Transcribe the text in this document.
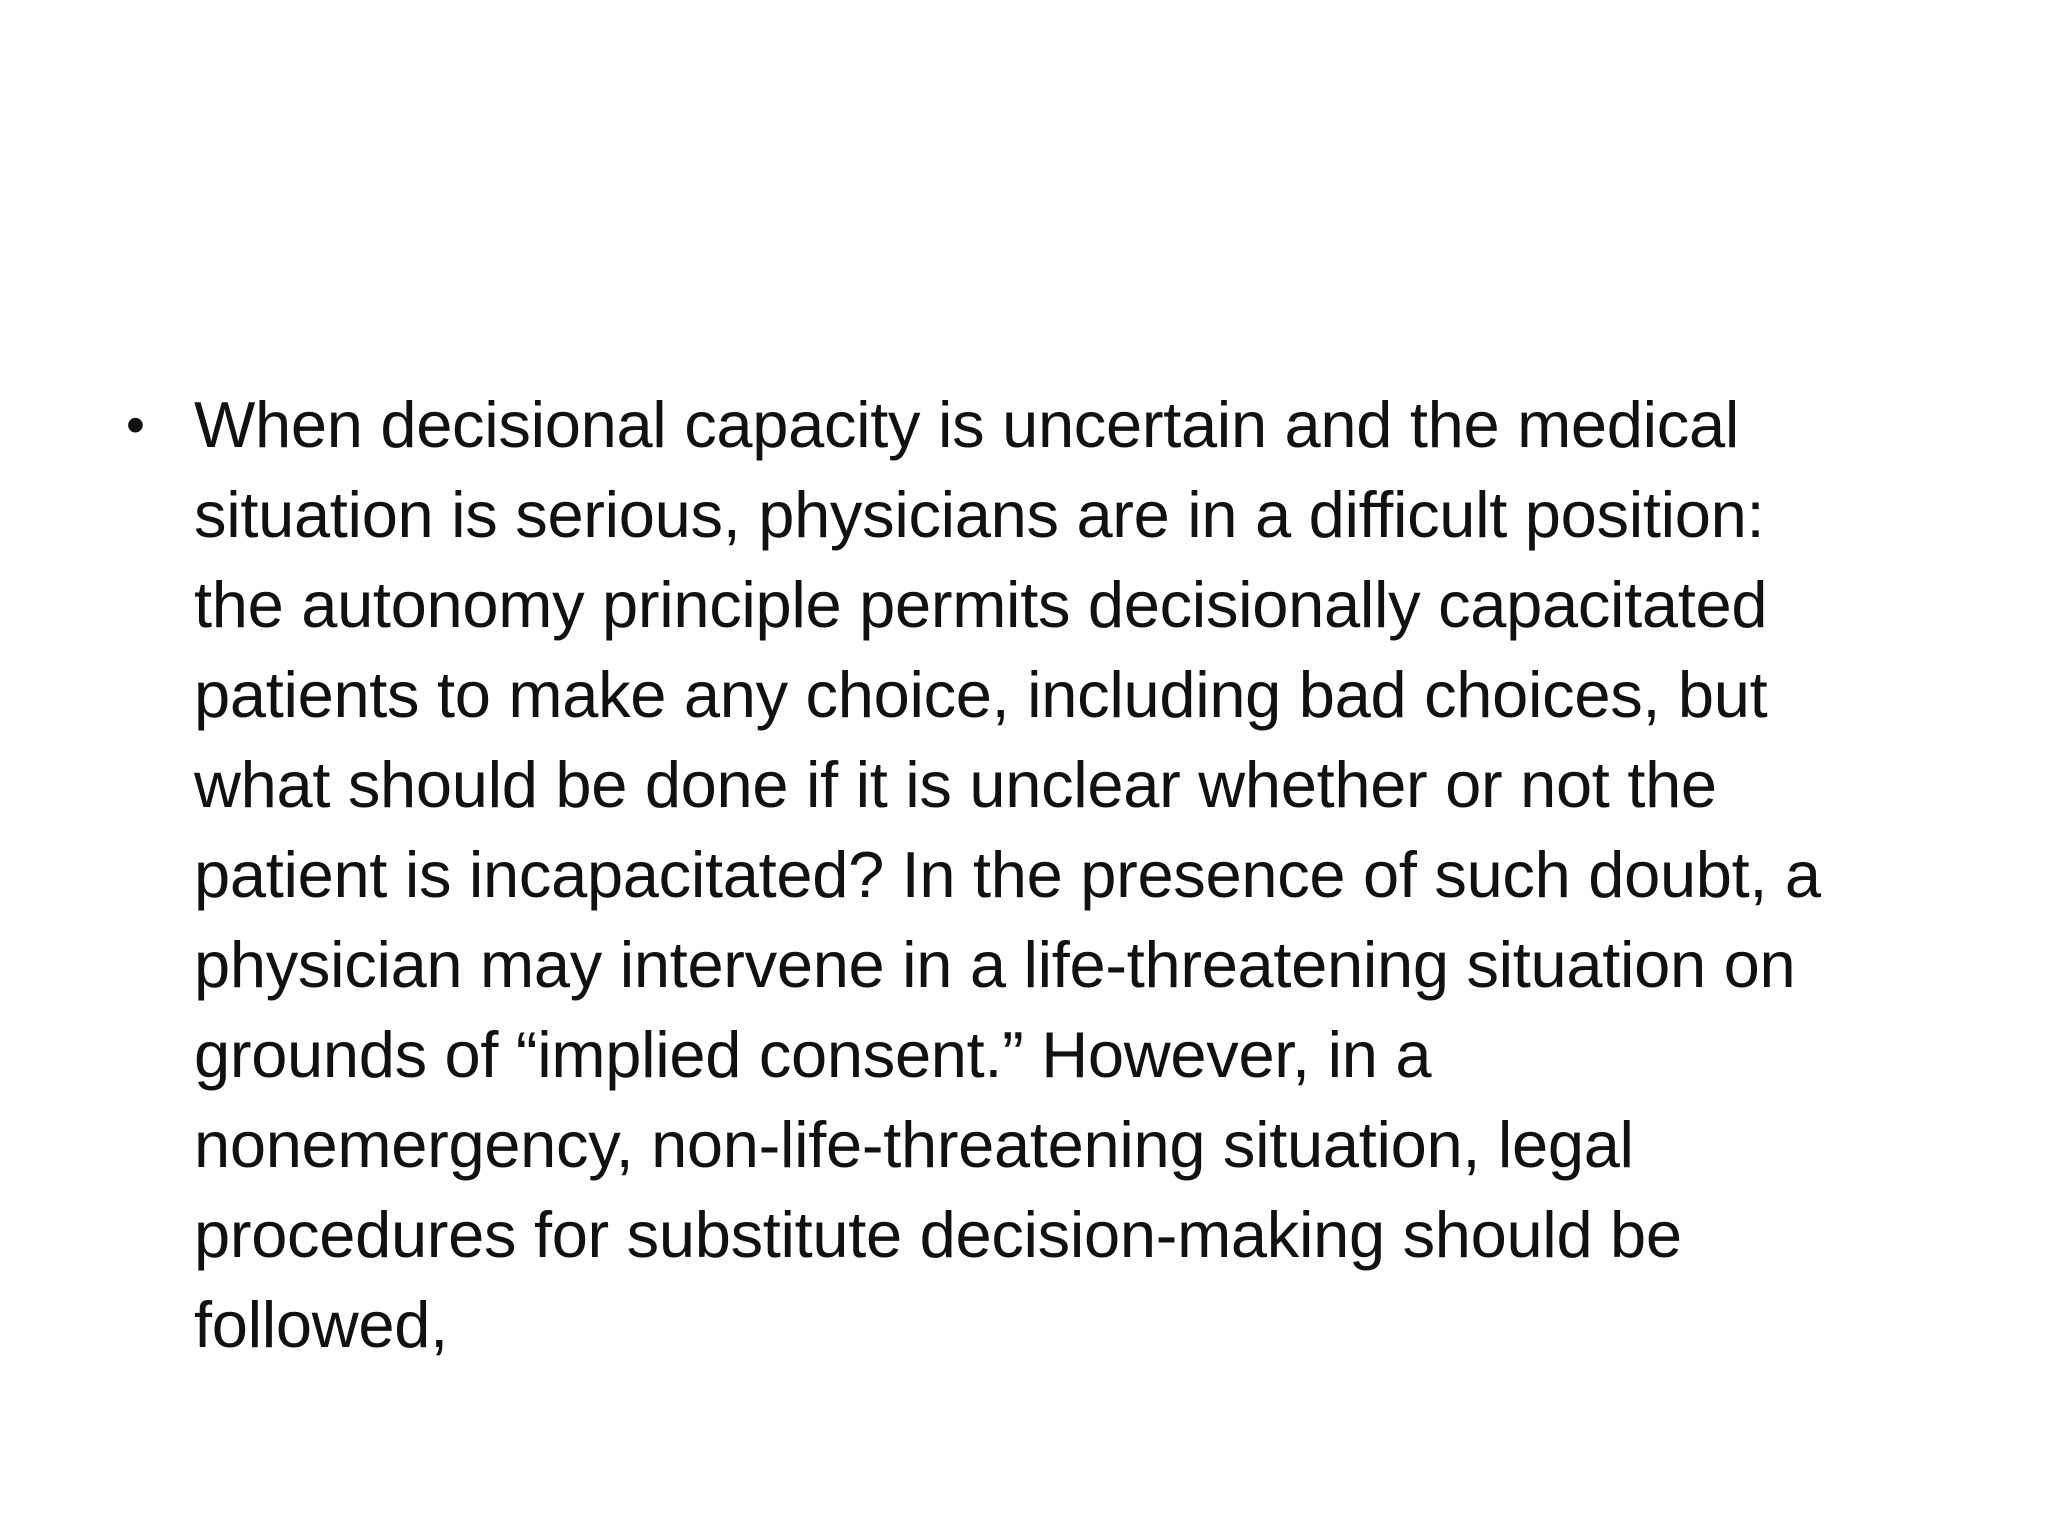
• When decisional capacity is uncertain and the medical
situation is serious, physicians are in a difficult position:
the autonomy principle permits decisionally capacitated
patients to make any choice, including bad choices, but
what should be done if it is unclear whether or not the
patient is incapacitated? In the presence of such doubt, a
physician may intervene in a life-threatening situation on
grounds of “implied consent.” However, in a
nonemergency, non-life-threatening situation, legal
procedures for substitute decision-making should be
followed,
